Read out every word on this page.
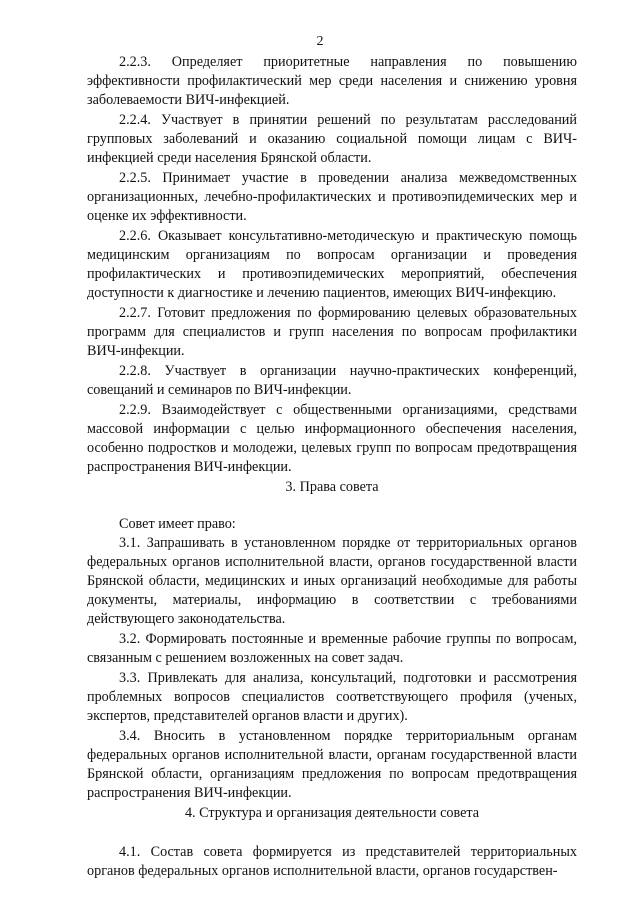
2

2.2.3. Определяет приоритетные направления по повышению эффективности профилактический мер среди населения и снижению уровня заболеваемости ВИЧ-инфекцией.

2.2.4. Участвует в принятии решений по результатам расследований групповых заболеваний и оказанию социальной помощи лицам с ВИЧ-инфекцией среди населения Брянской области.

2.2.5. Принимает участие в проведении анализа межведомственных организационных, лечебно-профилактических и противоэпидемических мер и оценке их эффективности.

2.2.6. Оказывает консультативно-методическую и практическую помощь медицинским организациям по вопросам организации и проведения профилактических и противоэпидемических мероприятий, обеспечения доступности к диагностике и лечению пациентов, имеющих ВИЧ-инфекцию.

2.2.7. Готовит предложения по формированию целевых образовательных программ для специалистов и групп населения по вопросам профилактики ВИЧ-инфекции.

2.2.8. Участвует в организации научно-практических конференций, совещаний и семинаров по ВИЧ-инфекции.

2.2.9. Взаимодействует с общественными организациями, средствами массовой информации с целью информационного обеспечения населения, особенно подростков и молодежи, целевых групп по вопросам предотвращения распространения ВИЧ-инфекции.

3. Права совета

Совет имеет право:

3.1. Запрашивать в установленном порядке от территориальных органов федеральных органов исполнительной власти, органов государственной власти Брянской области, медицинских и иных организаций необходимые для работы документы, материалы, информацию в соответствии с требованиями действующего законодательства.

3.2. Формировать постоянные и временные рабочие группы по вопросам, связанным с решением возложенных на совет задач.

3.3. Привлекать для анализа, консультаций, подготовки и рассмотрения проблемных вопросов специалистов соответствующего профиля (ученых, экспертов, представителей органов власти и других).

3.4. Вносить в установленном порядке территориальным органам федеральных органов исполнительной власти, органам государственной власти Брянской области, организациям предложения по вопросам предотвращения распространения ВИЧ-инфекции.

4. Структура и организация деятельности совета

4.1. Состав совета формируется из представителей территориальных органов федеральных органов исполнительной власти, органов государствен-
